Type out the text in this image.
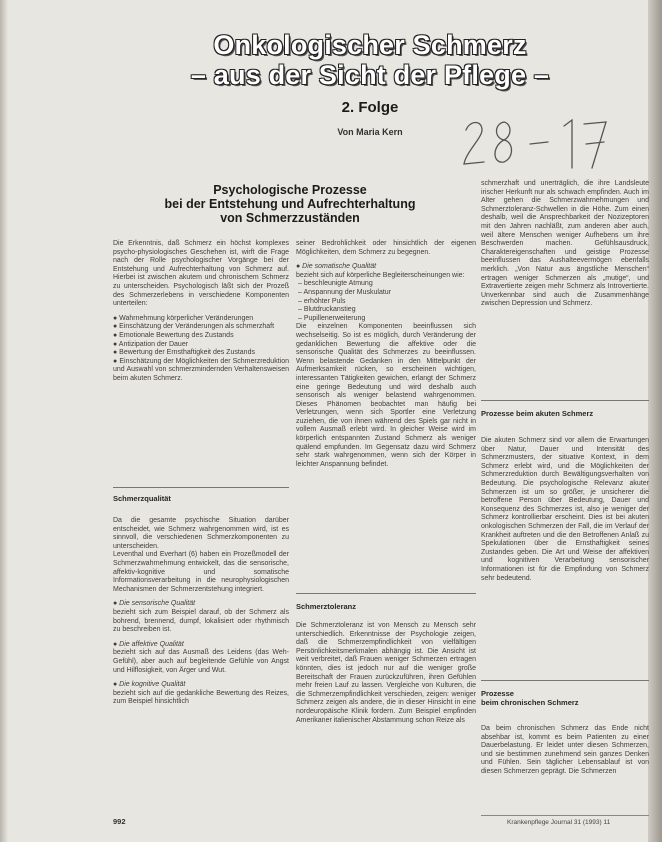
Onkologischer Schmerz
– aus der Sicht der Pflege –
2. Folge
Von Maria Kern
Psychologische Prozesse
bei der Entstehung und Aufrechterhaltung
von Schmerzzuständen

Die Erkenntnis, daß Schmerz ein höchst komplexes psycho-physiologisches Geschehen ist, wirft die Frage nach der Rolle psychologischer Vorgänge bei der Entstehung und Aufrechterhaltung von Schmerz auf. Hierbei ist zwischen akutem und chronischem Schmerz zu unterscheiden. Psychologisch läßt sich der Prozeß des Schmerzerlebens in verschiedene Komponenten unterteilen:

● Wahrnehmung körperlicher Veränderungen

● Einschätzung der Veränderungen als schmerzhaft

● Emotionale Bewertung des Zustands

● Antizipation der Dauer

● Bewertung der Ernsthaftigkeit des Zustands

● Einschätzung der Möglichkeiten der Schmerzreduktion und Auswahl von schmerzmindernden Verhaltensweisen beim akuten Schmerz.

Schmerzqualität

Da die gesamte psychische Situation darüber entscheidet, wie Schmerz wahrgenommen wird, ist es sinnvoll, die verschiedenen Schmerzkomponenten zu unterscheiden.

Leventhal und Everhart (6) haben ein Prozeßmodell der Schmerzwahrnehmung entwickelt, das die sensorische, affektiv-kognitive und somatische Informationsverarbeitung in die neurophysiologischen Mechanismen der Schmerzentstehung integriert.

● Die sensorische Qualität

bezieht sich zum Beispiel darauf, ob der Schmerz als bohrend, brennend, dumpf, lokalisiert oder rhythmisch zu beschreiben ist.

● Die affektive Qualität

bezieht sich auf das Ausmaß des Leidens (das Weh-Gefühl), aber auch auf begleitende Gefühle von Angst und Hilflosigkeit, von Ärger und Wut.

● Die kognitive Qualität

bezieht sich auf die gedankliche Bewertung des Reizes, zum Beispiel hinsichtlich

seiner Bedrohlichkeit oder hinsichtlich der eigenen Möglichkeiten, dem Schmerz zu begegnen.

● Die somatische Qualität

bezieht sich auf körperliche Begleiterscheinungen wie:

– beschleunigte Atmung

– Anspannung der Muskulatur

– erhöhter Puls

– Blutdruckanstieg

– Pupillenerweiterung

Die einzelnen Komponenten beeinflussen sich wechselseitig. So ist es möglich, durch Veränderung der gedanklichen Bewertung die affektive oder die sensorische Qualität des Schmerzes zu beeinflussen. Wenn belastende Gedanken in den Mittelpunkt der Aufmerksamkeit rücken, so erscheinen wichtigen, interessanten Tätigkeiten gewichen, erlangt der Schmerz eine geringe Bedeutung und wird deshalb auch sensorisch als weniger belastend wahrgenommen. Dieses Phänomen beobachtet man häufig bei Verletzungen, wenn sich Sportler eine Verletzung zuziehen, die von ihnen während des Spiels gar nicht in vollem Ausmaß erlebt wird. In gleicher Weise wird im körperlich entspannten Zustand Schmerz als weniger quälend empfunden. Im Gegensatz dazu wird Schmerz sehr stark wahrgenommen, wenn sich der Körper in leichter Anspannung befindet.

Schmerztoleranz

Die Schmerztoleranz ist von Mensch zu Mensch sehr unterschiedlich. Erkenntnisse der Psychologie zeigen, daß die Schmerzempfindlichkeit von vielfältigen Persönlichkeitsmerkmalen abhängig ist. Die Ansicht ist weit verbreitet, daß Frauen weniger Schmerzen ertragen könnten, dies ist jedoch nur auf die weniger große Bereitschaft der Frauen zurückzuführen, ihren Gefühlen mehr freien Lauf zu lassen. Vergleiche von Kulturen, die die Schmerzempfindlichkeit verschieden, zeigen: weniger Schmerz zeigen als andere, die in dieser Hinsicht in eine nordeuropäische Klinik fordern. Zum Beispiel empfinden Amerikaner italienischer Abstammung schon Reize als

schmerzhaft und unerträglich, die ihre Landsleute irischer Herkunft nur als schwach empfinden. Auch im Alter gehen die Schmerzwahrnehmungen und Schmerztoleranz-Schwellen in die Höhe. Zum einen deshalb, weil die Ansprechbarkeit der Nozizeptoren mit den Jahren nachläßt, zum anderen aber auch, weil ältere Menschen weniger Aufhebens um ihre Beschwerden machen. Gefühlsausdruck, Charaktereigenschaften und geistige Prozesse beeinflussen das Aushalteevermögen ebenfalls merklich. „Von Natur aus ängstliche Menschen“ ertragen weniger Schmerzen als „mutige“, und Extravertierte zeigen mehr Schmerz als Introvertierte. Unverkennbar sind auch die Zusammenhänge zwischen Depression und Schmerz.

Prozesse beim akuten Schmerz

Die akuten Schmerz sind vor allem die Erwartungen über Natur, Dauer und Intensität des Schmerzmusters, der situative Kontext, in dem Schmerz erlebt wird, und die Möglichkeiten der Schmerzreduktion durch Bewältigungsverhalten von Bedeutung. Die psychologische Relevanz akuter Schmerzen ist um so größer, je unsicherer die betroffene Person über Bedeutung, Dauer und Konsequenz des Schmerzes ist, also je weniger der Schmerz kontrollierbar erscheint. Dies ist bei akuten onkologischen Schmerzen der Fall, die im Verlauf der Krankheit auftreten und die den Betroffenen Anlaß zu Spekulationen über die Ernsthaftigkeit seines Zustandes geben. Die Art und Weise der affektiven und kognitiven Verarbeitung sensorischer Informationen ist für die Empfindung von Schmerz sehr bedeutend.

Prozesse
beim chronischen Schmerz

Da beim chronischen Schmerz das Ende nicht absehbar ist, kommt es beim Patienten zu einer Dauerbelastung. Er leidet unter diesen Schmerzen, und sie bestimmen zunehmend sein ganzes Denken und Fühlen. Sein täglicher Lebensablauf ist von diesen Schmerzen geprägt. Die Schmerzen

992	Krankenpflege Journal 31 (1993) 11
